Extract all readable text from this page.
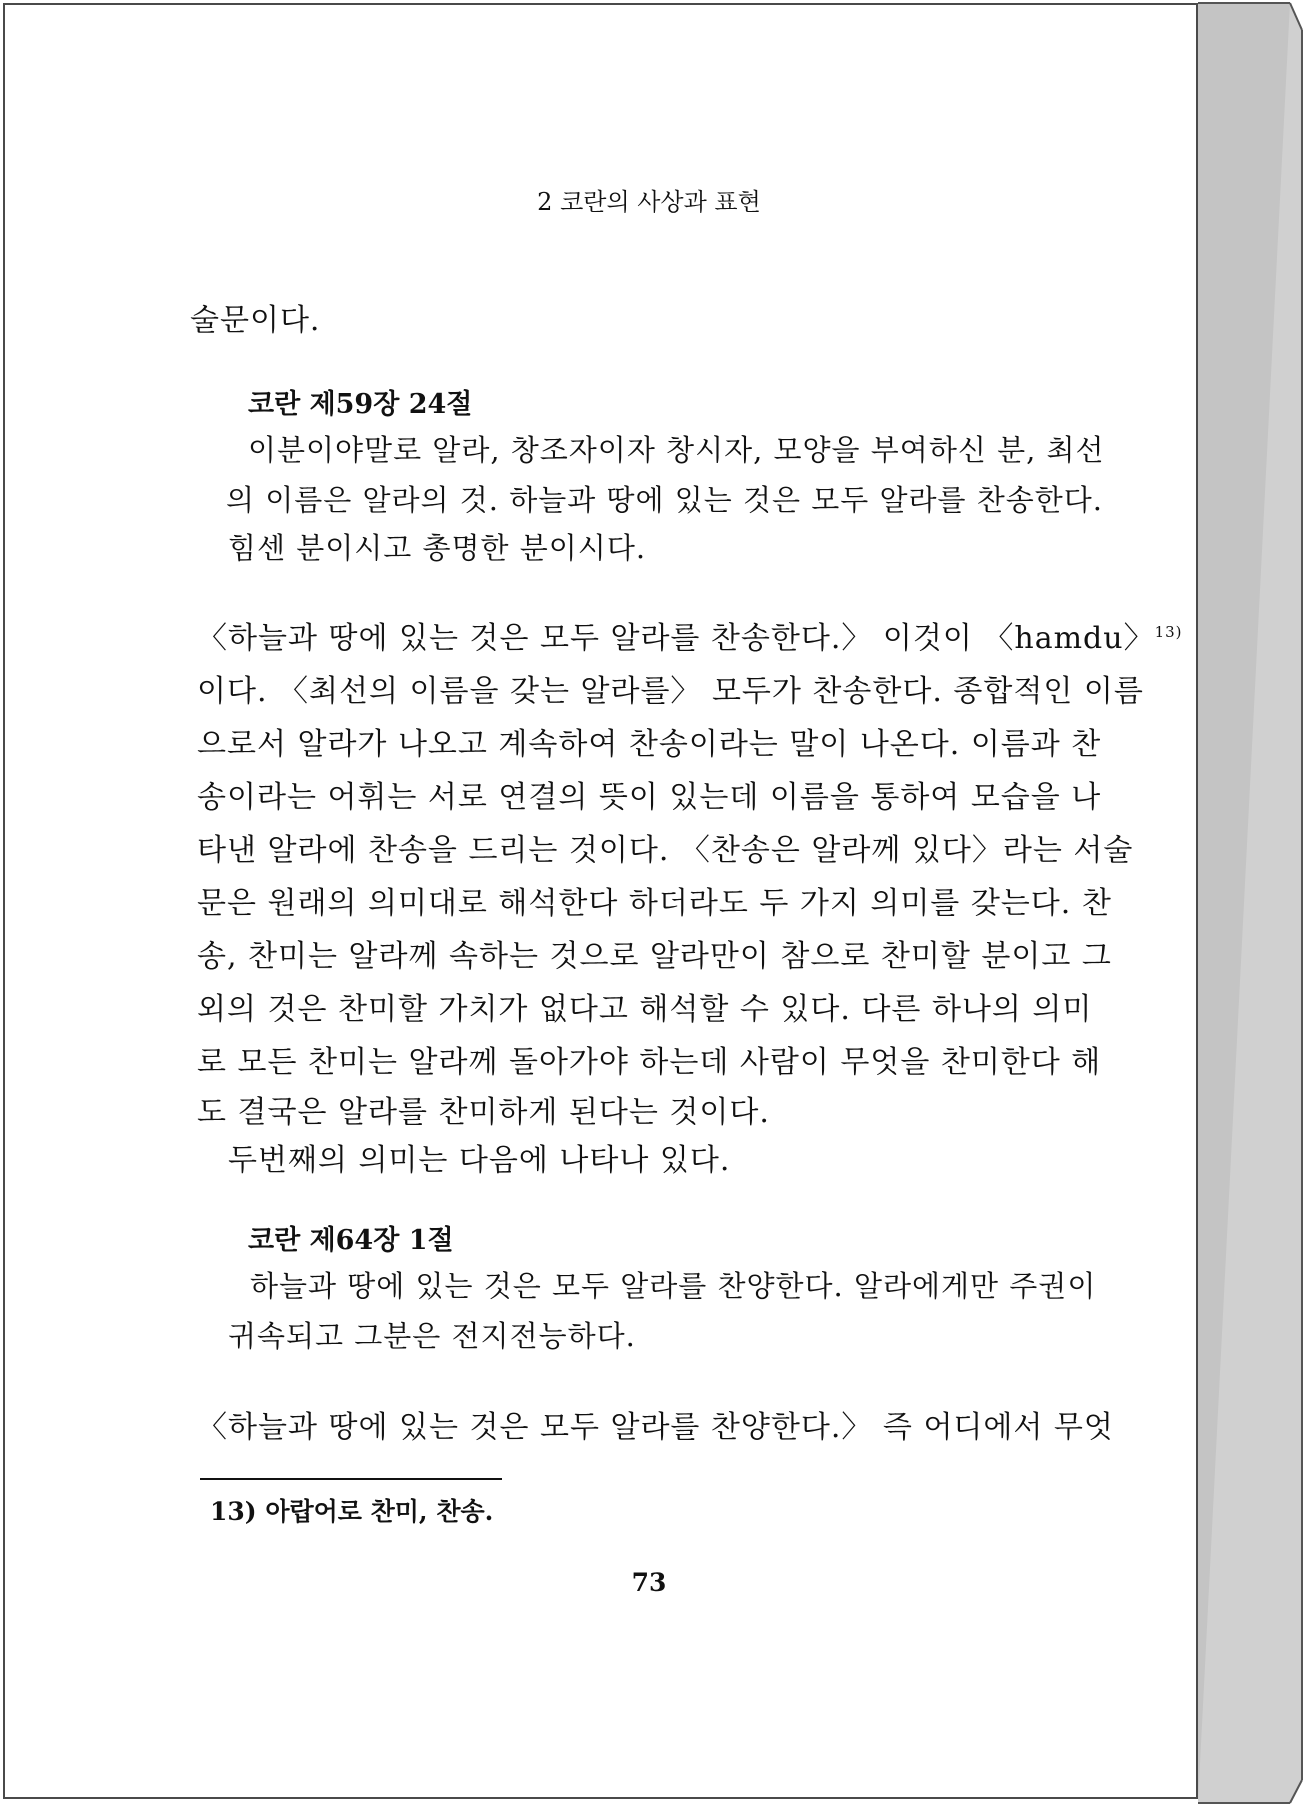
2 코란의 사상과 표현
술문이다.
코란 제59장 24절
이분이야말로 알라, 창조자이자 창시자, 모양을 부여하신 분, 최선
의 이름은 알라의 것. 하늘과 땅에 있는 것은 모두 알라를 찬송한다.
힘센 분이시고 총명한 분이시다.
〈하늘과 땅에 있는 것은 모두 알라를 찬송한다.〉 이것이 〈hamdu〉$^{13)}$
이다. 〈최선의 이름을 갖는 알라를〉 모두가 찬송한다. 종합적인 이름
으로서 알라가 나오고 계속하여 찬송이라는 말이 나온다. 이름과 찬
송이라는 어휘는 서로 연결의 뜻이 있는데 이름을 통하여 모습을 나
타낸 알라에 찬송을 드리는 것이다. 〈찬송은 알라께 있다〉라는 서술
문은 원래의 의미대로 해석한다 하더라도 두 가지 의미를 갖는다. 찬
송, 찬미는 알라께 속하는 것으로 알라만이 참으로 찬미할 분이고 그
외의 것은 찬미할 가치가 없다고 해석할 수 있다. 다른 하나의 의미
로 모든 찬미는 알라께 돌아가야 하는데 사람이 무엇을 찬미한다 해
도 결국은 알라를 찬미하게 된다는 것이다.
두번째의 의미는 다음에 나타나 있다.
코란 제64장 1절
하늘과 땅에 있는 것은 모두 알라를 찬양한다. 알라에게만 주권이
귀속되고 그분은 전지전능하다.
〈하늘과 땅에 있는 것은 모두 알라를 찬양한다.〉 즉 어디에서 무엇
13) 아랍어로 찬미, 찬송.
73
